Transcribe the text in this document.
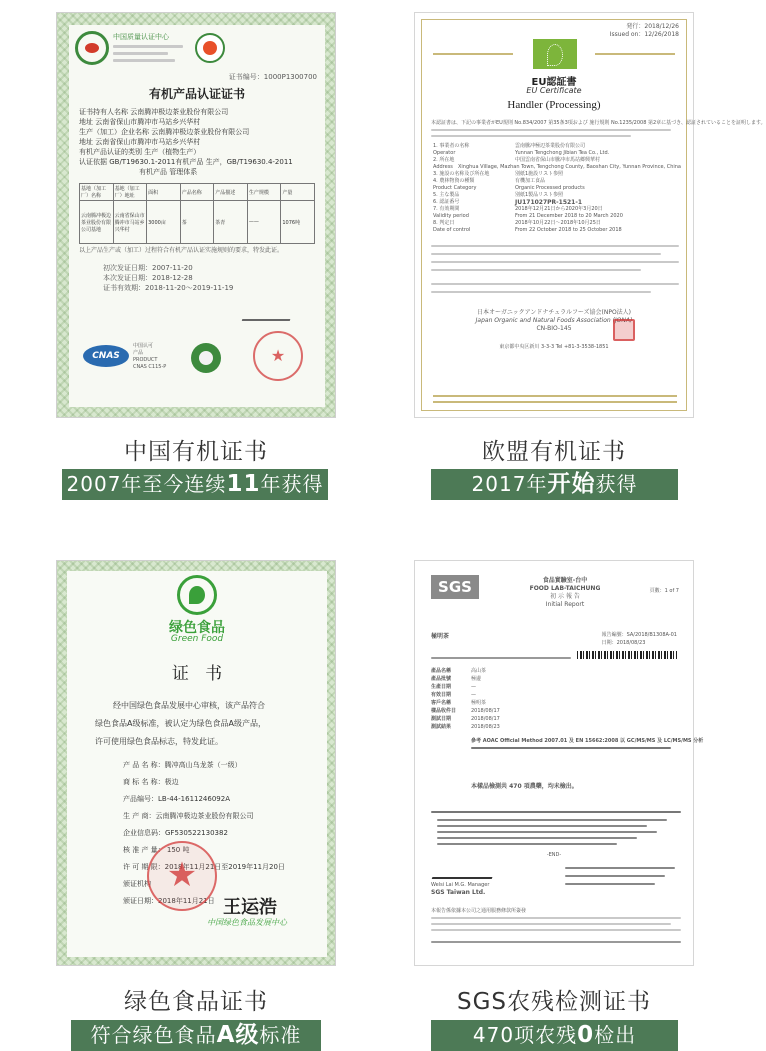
中国质量认证中心
证书编号：1000P1300700
有机产品认证证书
证书持有人名称 云南腾冲极边茶业股份有限公司
地址 云南省保山市腾冲市马站乡兴华村
生产（加工）企业名称 云南腾冲极边茶业股份有限公司
地址 云南省保山市腾冲市马站乡兴华村
有机产品认证的类别 生产（植物生产）
认证依据 GB/T19630.1-2011有机产品 生产，GB/T19630.4-2011
有机产品 管理体系
基地（加工厂）名称	基地（加工厂）地址	面积	产品名称	产品描述	生产规模	产量
云南腾冲极边茶业股份有限公司基地	云南省保山市腾冲市马站乡兴华村	3000亩	茶	茶青	——	1076吨
以上产品生产或（加工）过程符合有机产品认证实施规则的要求，特发此证。
初次发证日期：2007-11-20
本次发证日期：2018-12-28
证书有效期：2018-11-20～2019-11-19
CNAS
中国认可
产品
PRODUCT
CNAS C115-P
★
中国有机证书
2007年至今连续11年获得
発行：2018/12/26
Issued on：12/26/2018
EU認証書
EU Certificate
Handler (Processing)
本認証書は、下記の事業者がEU規則 No.834/2007 第35条3項および 施行規則 No.1235/2008 第2章に基づき、認証されていることを証明します。
1. 事業者の名称	雲南騰冲極辺茶業股份有限公司
Operator	Yunnan Tengchong Jibian Tea Co., Ltd.
2. 所在地	中国雲南省保山市騰冲市馬站郷興華村
Address	Xinghua Village, Mazhan Town, Tengchong County, Baoshan City, Yunnan Province, China
3. 施設の名称及び所在地	別紙1施設リスト参照
4. 農林物資の種類	有機加工食品
Product Category	Organic Processed products
5. 主な製品	別紙1製品リスト参照
6. 認証番号	JU171027PR-1521-1
7. 有効期間	2018年12月21日から2020年3月20日
Validity period	From 21 December 2018 to 20 March 2020
8. 判定日	2018年10月22日〜2018年10月25日
Date of control	From 22 October 2018 to 25 October 2018
日本オーガニックアンドナチュラルフーズ協会(NPO法人)
Japan Organic and Natural Foods Association (JONA)
CN-BIO-145
東京都中央区新川 3-3-3 Tel +81-3-3538-1851
欧盟有机证书
2017年开始获得
绿色食品
Green Food
证   书
经中国绿色食品发展中心审核，该产品符合
绿色食品A级标准，被认定为绿色食品A级产品，
许可使用绿色食品标志，特发此证。
产 品 名 称：腾冲高山乌龙茶（一级）
商 标 名 称：极边
产品编号：LB-44-1611246092A
生 产 商：云南腾冲极边茶业股份有限公司
企业信息码：GF530522130382
核 准 产 量： 150 吨
许 可 期 限：2018年11月21日至2019年11月20日
颁证机构
颁证日期：2018年11月21日
★
王运浩
中国绿色食品发展中心
绿色食品证书
符合绿色食品A级标准
SGS	食品實驗室-台中
FOOD LAB-TAICHUNG
初 示 報 告
Initial Report
頁數：1 of 7
極明茶	報告編號：SA/2018/B1308A-01
日期：2018/08/23
產品名稱	高山茶
產品批號	極邊
生產日期	—
有效日期	—
客戶名稱	極明茶
樣品收件日	2018/08/17
測試日期	2018/08/17
測試結果	2018/08/23
參考 AOAC Official Method 2007.01 及 EN 15662:2008 以 GC/MS/MS 及 LC/MS/MS 分析
本樣品檢測共 470 項農藥，均未檢出。
-END-
Welsi Lai M.G. Manager
SGS Taiwan Ltd.
本報告係依據本公司之通用服務條款所簽發
SGS农残检测证书
470项农残0检出
